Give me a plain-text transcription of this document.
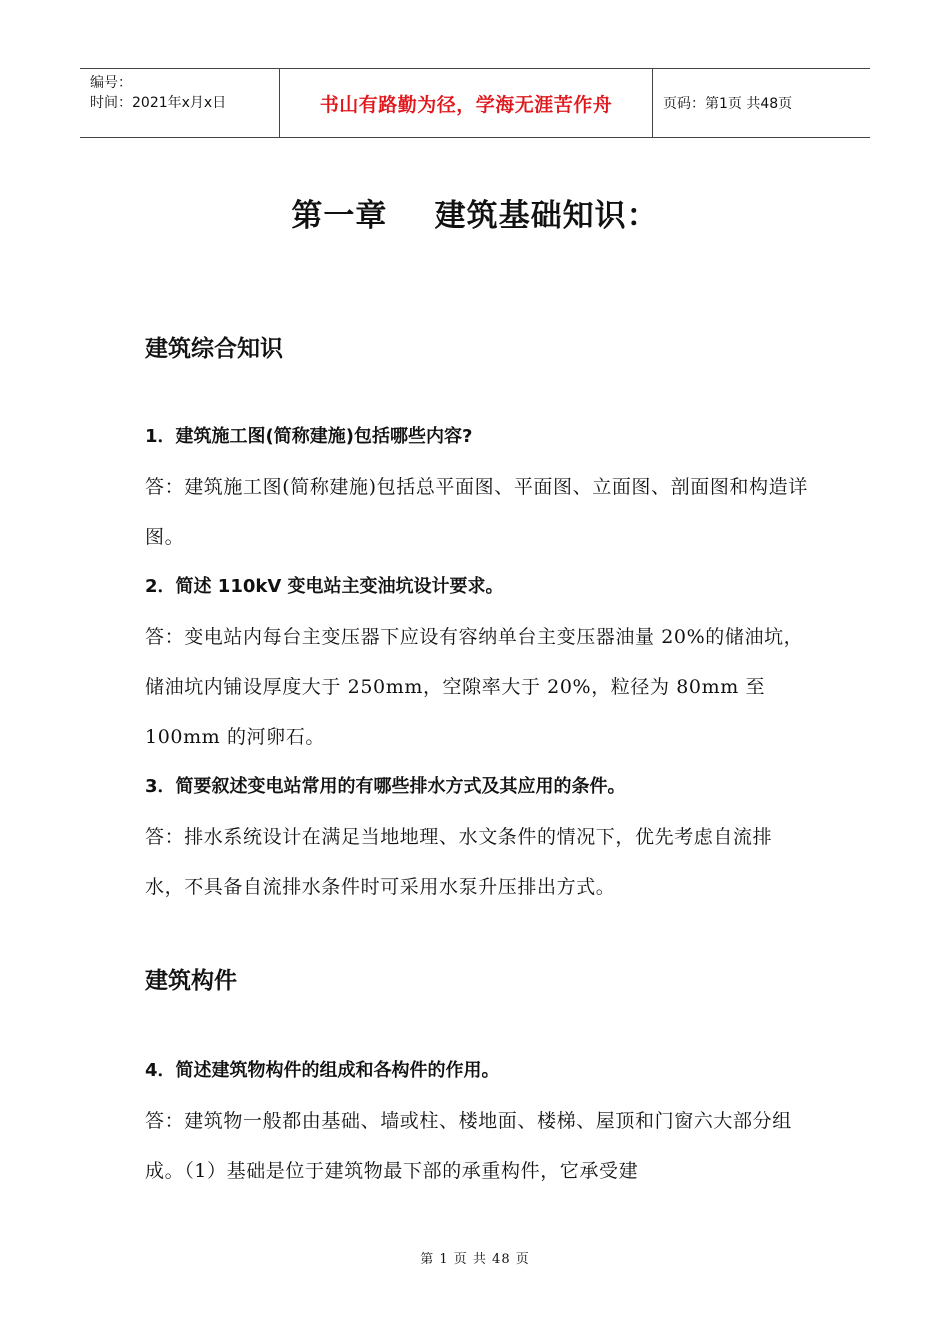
编号：
时间：2021年x月x日	书山有路勤为径，学海无涯苦作舟	页码：第1页 共48页
第一章    建筑基础知识：
建筑综合知识
1．建筑施工图(简称建施)包括哪些内容?
答：建筑施工图(简称建施)包括总平面图、平面图、立面图、剖面图和构造详图。
2．简述 110kV 变电站主变油坑设计要求。
答：变电站内每台主变压器下应设有容纳单台主变压器油量 20%的储油坑，储油坑内铺设厚度大于 250mm，空隙率大于 20%，粒径为 80mm 至 100mm 的河卵石。
3．简要叙述变电站常用的有哪些排水方式及其应用的条件。
答：排水系统设计在满足当地地理、水文条件的情况下，优先考虑自流排水，不具备自流排水条件时可采用水泵升压排出方式。
建筑构件
4．简述建筑物构件的组成和各构件的作用。
答：建筑物一般都由基础、墙或柱、楼地面、楼梯、屋顶和门窗六大部分组成。（1）基础是位于建筑物最下部的承重构件，它承受建
第 1 页 共 48 页
